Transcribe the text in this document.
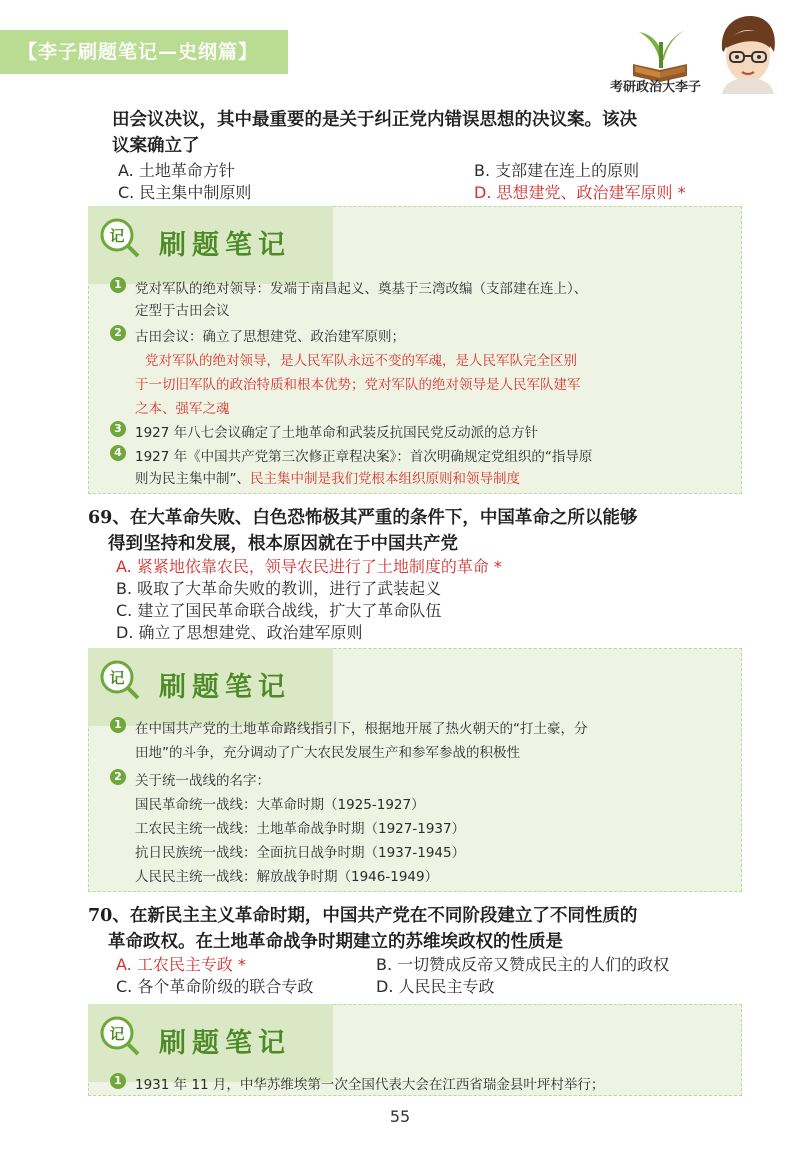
【李子刷题笔记—史纲篇】
考研政治大李子
田会议决议，其中最重要的是关于纠正党内错误思想的决议案。该决
议案确立了
A. 土地革命方针	B. 支部建在连上的原则
C. 民主集中制原则	D. 思想建党、政治建军原则 *
记 刷题笔记
1 党对军队的绝对领导：发端于南昌起义、奠基于三湾改编（支部建在连上）、
定型于古田会议
2 古田会议：确立了思想建党、政治建军原则；
党对军队的绝对领导，是人民军队永远不变的军魂，是人民军队完全区别
于一切旧军队的政治特质和根本优势；党对军队的绝对领导是人民军队建军
之本、强军之魂
3 1927 年八七会议确定了土地革命和武装反抗国民党反动派的总方针
4 1927 年《中国共产党第三次修正章程决案》：首次明确规定党组织的“指导原
则为民主集中制”、民主集中制是我们党根本组织原则和领导制度
69、在大革命失败、白色恐怖极其严重的条件下，中国革命之所以能够
得到坚持和发展，根本原因就在于中国共产党
A. 紧紧地依靠农民，领导农民进行了土地制度的革命 *
B. 吸取了大革命失败的教训，进行了武装起义
C. 建立了国民革命联合战线，扩大了革命队伍
D. 确立了思想建党、政治建军原则
记 刷题笔记
1 在中国共产党的土地革命路线指引下，根据地开展了热火朝天的“打土豪，分
田地”的斗争，充分调动了广大农民发展生产和参军参战的积极性
2 关于统一战线的名字：
国民革命统一战线：大革命时期（1925-1927）
工农民主统一战线：土地革命战争时期（1927-1937）
抗日民族统一战线：全面抗日战争时期（1937-1945）
人民民主统一战线：解放战争时期（1946-1949）
70、在新民主主义革命时期，中国共产党在不同阶段建立了不同性质的
革命政权。在土地革命战争时期建立的苏维埃政权的性质是
A. 工农民主专政 *	B. 一切赞成反帝又赞成民主的人们的政权
C. 各个革命阶级的联合专政	D. 人民民主专政
记 刷题笔记
1 1931 年 11 月，中华苏维埃第一次全国代表大会在江西省瑞金县叶坪村举行；
55
